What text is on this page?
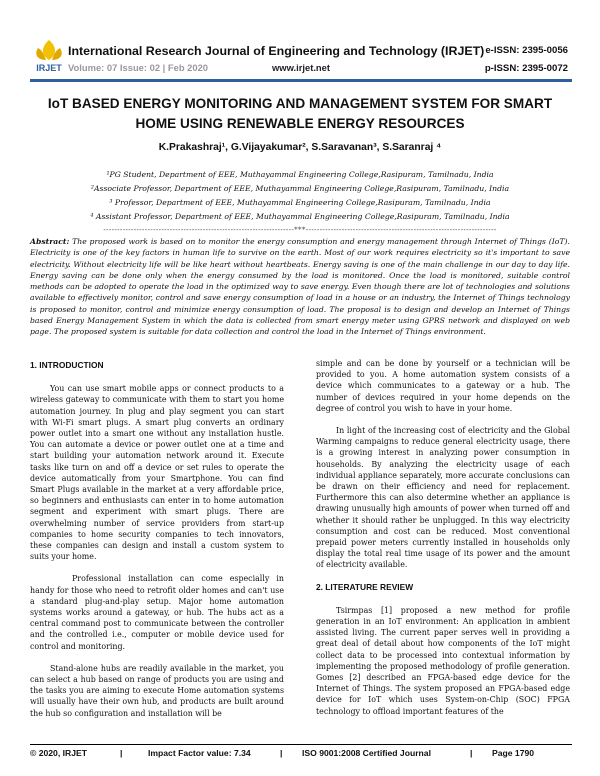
IRJET
International Research Journal of Engineering and Technology (IRJET)
Volume: 07 Issue: 02 | Feb 2020	www.irjet.net
e-ISSN: 2395-0056
p-ISSN: 2395-0072
IoT BASED ENERGY MONITORING AND MANAGEMENT SYSTEM FOR SMART HOME USING RENEWABLE ENERGY RESOURCES
K.Prakashraj¹, G.Vijayakumar², S.Saravanan³, S.Saranraj ⁴
¹PG Student, Department of EEE, Muthayammal Engineering College,Rasipuram, Tamilnadu, India
²Associate Professor, Department of EEE, Muthayammal Engineering College,Rasipuram, Tamilnadu, India
³ Professor, Department of EEE, Muthayammal Engineering College,Rasipuram, Tamilnadu, India
⁴ Assistant Professor, Department of EEE, Muthayammal Engineering College,Rasipuram, Tamilnadu, India
---------------------------------------------------------------------***---------------------------------------------------------------------
Abstract: The proposed work is based on to monitor the energy consumption and energy management through Internet of Things (IoT). Electricity is one of the key factors in human life to survive on the earth. Most of our work requires electricity so it's important to save electricity. Without electricity life will be like heart without heartbeats. Energy saving is one of the main challenge in our day to day life. Energy saving can be done only when the energy consumed by the load is monitored. Once the load is monitored, suitable control methods can be adopted to operate the load in the optimized way to save energy. Even though there are lot of technologies and solutions available to effectively monitor, control and save energy consumption of load in a house or an industry, the Internet of Things technology is proposed to monitor, control and minimize energy consumption of load. The proposal is to design and develop an Internet of Things based Energy Management System in which the data is collected from smart energy meter using GPRS network and displayed on web page. The proposed system is suitable for data collection and control the load in the Internet of Things environment.
1. INTRODUCTION

You can use smart mobile apps or connect products to a wireless gateway to communicate with them to start you home automation journey. In plug and play segment you can start with Wi-Fi smart plugs. A smart plug converts an ordinary power outlet into a smart one without any installation hustle. You can automate a device or power outlet one at a time and start building your automation network around it. Execute tasks like turn on and off a device or set rules to operate the device automatically from your Smartphone. You can find Smart Plugs available in the market at a very affordable price, so beginners and enthusiasts can enter in to home automation segment and experiment with smart plugs. There are overwhelming number of service providers from start-up companies to home security companies to tech innovators, these companies can design and install a custom system to suits your home.

Professional installation can come especially in handy for those who need to retrofit older homes and can't use a standard plug-and-play setup. Major home automation systems works around a gateway, or hub. The hubs act as a central command post to communicate between the controller and the controlled i.e., computer or mobile device used for control and monitoring.

Stand-alone hubs are readily available in the market, you can select a hub based on range of products you are using and the tasks you are aiming to execute Home automation systems will usually have their own hub, and products are built around the hub so configuration and installation will be

simple and can be done by yourself or a technician will be provided to you. A home automation system consists of a device which communicates to a gateway or a hub. The number of devices required in your home depends on the degree of control you wish to have in your home.

In light of the increasing cost of electricity and the Global Warming campaigns to reduce general electricity usage, there is a growing interest in analyzing power consumption in households. By analyzing the electricity usage of each individual appliance separately, more accurate conclusions can be drawn on their efficiency and need for replacement. Furthermore this can also determine whether an appliance is drawing unusually high amounts of power when turned off and whether it should rather be unplugged. In this way electricity consumption and cost can be reduced. Most conventional prepaid power meters currently installed in households only display the total real time usage of its power and the amount of electricity available.

2. LITERATURE REVIEW

Tsirmpas [1] proposed a new method for profile generation in an IoT environment: An application in ambient assisted living. The current paper serves well in providing a great deal of detail about how components of the IoT might collect data to be processed into contextual information by implementing the proposed methodology of profile generation. Gomes [2] described an FPGA-based edge device for the Internet of Things. The system proposed an FPGA-based edge device for IoT which uses System-on-Chip (SOC) FPGA technology to offload important features of the

© 2020, IRJET	|	Impact Factor value: 7.34	| ISO 9001:2008 Certified Journal	| Page 1790
